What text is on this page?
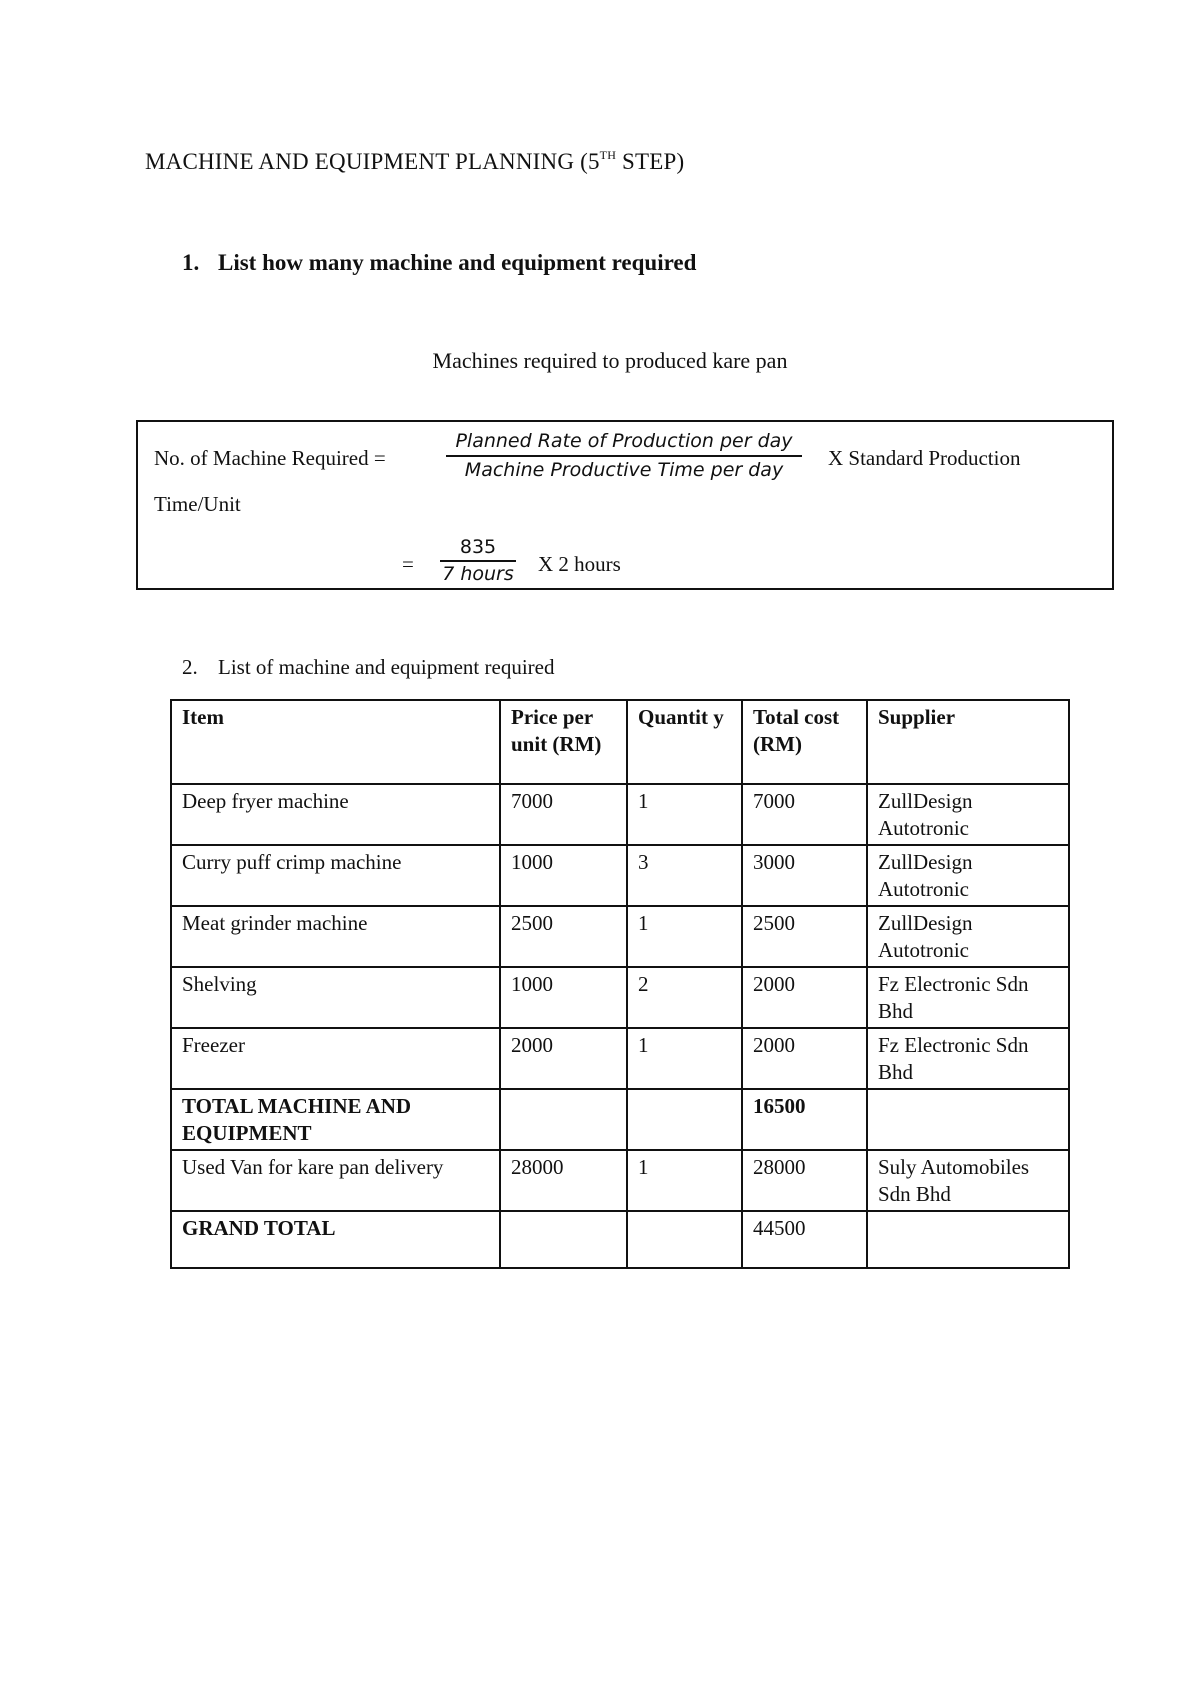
MACHINE AND EQUIPMENT PLANNING (5TH STEP)
1. List how many machine and equipment required
Machines required to produced kare pan
No. of Machine Required =
Planned Rate of Production per day
Machine Productive Time per day	X Standard Production
Time/Unit
=
835
7 hours X 2 hours
2. List of machine and equipment required
Item	Price per unit (RM)	Quantit y	Total cost (RM)	Supplier
Deep fryer machine	7000	1	7000	ZullDesign Autotronic
Curry puff crimp machine	1000	3	3000	ZullDesign Autotronic
Meat grinder machine	2500	1	2500	ZullDesign Autotronic
Shelving	1000	2	2000	Fz Electronic Sdn Bhd
Freezer	2000	1	2000	Fz Electronic Sdn Bhd
TOTAL MACHINE AND EQUIPMENT			16500	
Used Van for kare pan delivery	28000	1	28000	Suly Automobiles Sdn Bhd
GRAND TOTAL			44500	
